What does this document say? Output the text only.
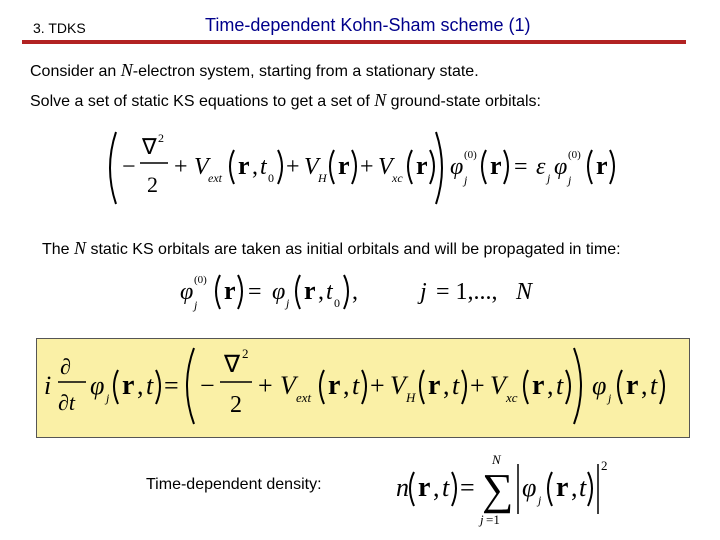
3. TDKS	Time-dependent Kohn-Sham scheme (1)
Consider an N-electron system, starting from a stationary state.
Solve a set of static KS equations to get a set of N ground-state orbitals:
−
∇ 2
2
+ V ext r , t 0 + V H r + V xc r φ (0)
j r = ε j φ (0)
j r
The N static KS orbitals are taken as initial orbitals and will be propagated in time:
φ (0)
j r = φ j r , t 0 ,	j = 1,..., N
i
∂
∂t
φ j r , t = −
∇ 2
2
+ V ext r , t + V H r , t + V xc r , t φ j r , t
Time-dependent density:	n r , t =
N
∑
j =1
φ j r , t
2
